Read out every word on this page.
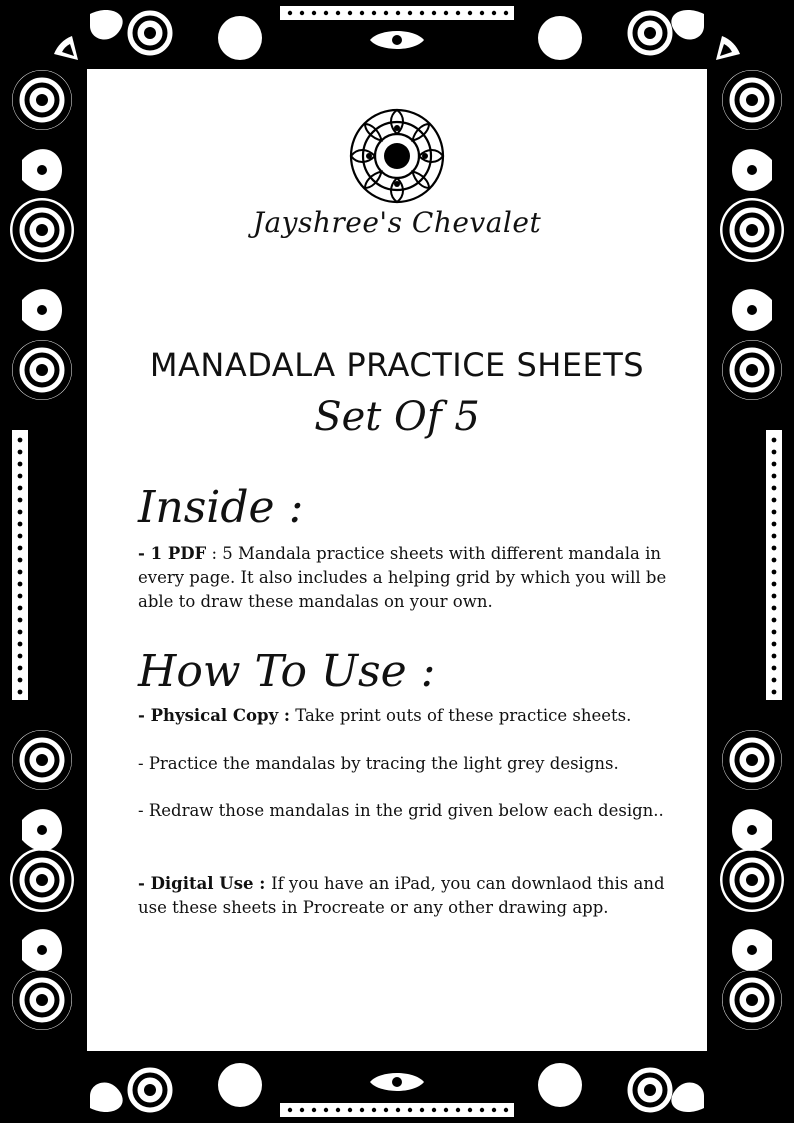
Jayshree's Chevalet
MANADALA PRACTICE SHEETS
Set Of 5
Inside :
- 1 PDF : 5 Mandala practice sheets with different mandala in every page. It also includes a helping grid by which you will be able to draw these mandalas on your own.
How To Use :
- Physical Copy : Take print outs of these practice sheets.
- Practice the mandalas by tracing the light grey designs.
- Redraw those mandalas in the grid given below each design..
- Digital Use : If you have an iPad, you can downlaod this and use these sheets in Procreate or any other drawing app.
